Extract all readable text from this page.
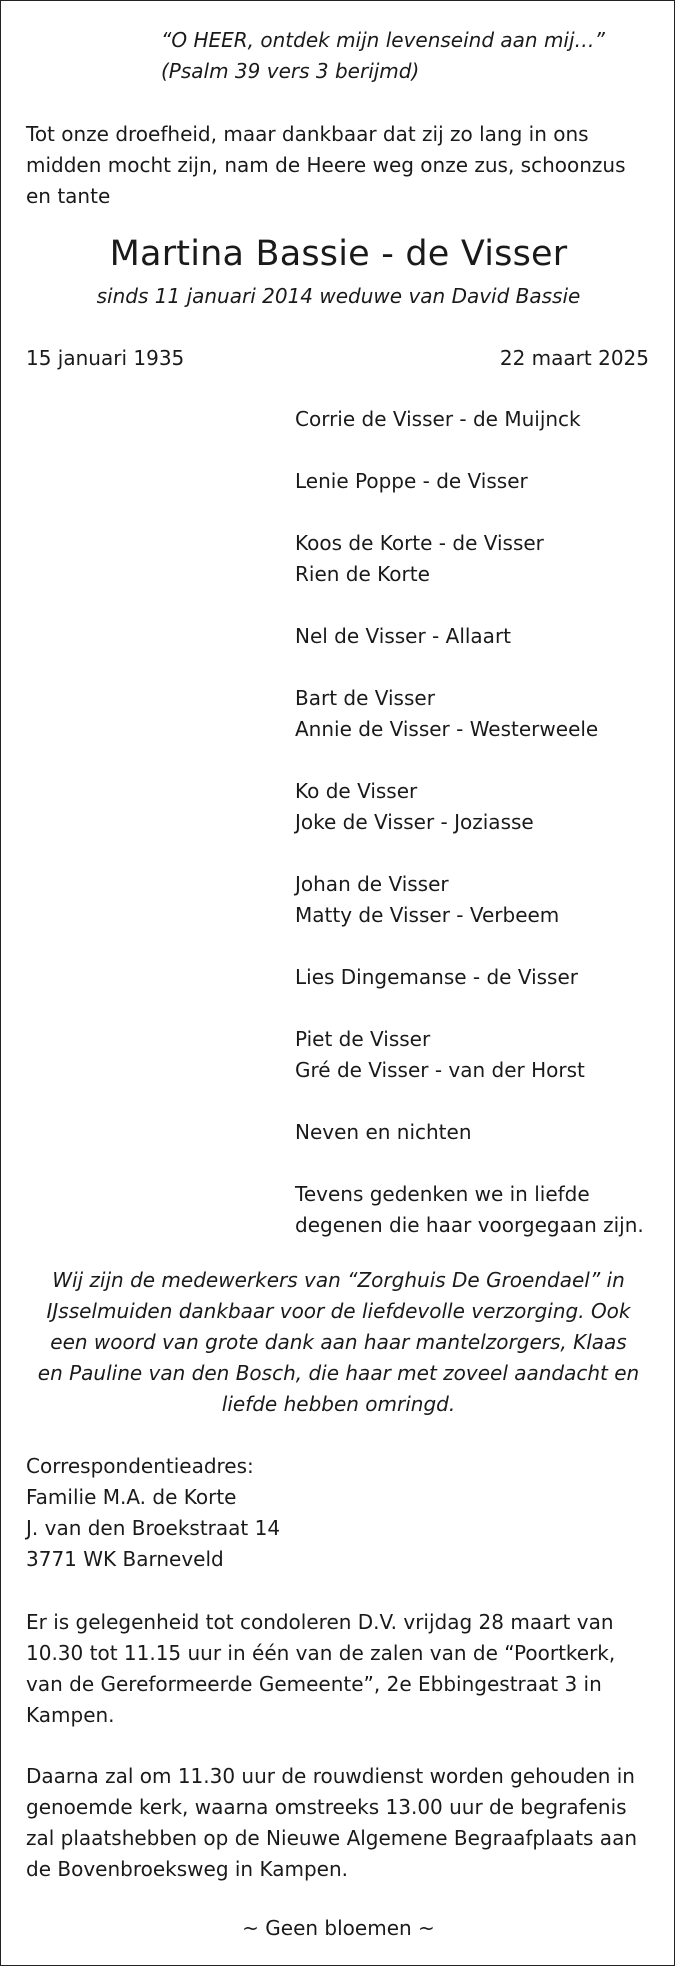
“O HEER, ontdek mijn levenseind aan mij…”
(Psalm 39 vers 3 berijmd)
Tot onze droefheid, maar dankbaar dat zij zo lang in ons
midden mocht zijn, nam de Heere weg onze zus, schoonzus
en tante
Martina Bassie - de Visser
sinds 11 januari 2014 weduwe van David Bassie
15 januari 1935	22 maart 2025
Corrie de Visser - de Muijnck
Lenie Poppe - de Visser
Koos de Korte - de Visser
Rien de Korte
Nel de Visser - Allaart
Bart de Visser
Annie de Visser - Westerweele
Ko de Visser
Joke de Visser - Joziasse
Johan de Visser
Matty de Visser - Verbeem
Lies Dingemanse - de Visser
Piet de Visser
Gré de Visser - van der Horst
Neven en nichten
Tevens gedenken we in liefde
degenen die haar voorgegaan zijn.
Wij zijn de medewerkers van “Zorghuis De Groendael” in
IJsselmuiden dankbaar voor de liefdevolle verzorging. Ook
een woord van grote dank aan haar mantelzorgers, Klaas
en Pauline van den Bosch, die haar met zoveel aandacht en
liefde hebben omringd.
Correspondentieadres:
Familie M.A. de Korte
J. van den Broekstraat 14
3771 WK Barneveld
Er is gelegenheid tot condoleren D.V. vrijdag 28 maart van
10.30 tot 11.15 uur in één van de zalen van de “Poortkerk,
van de Gereformeerde Gemeente”, 2e Ebbingestraat 3 in
Kampen.
Daarna zal om 11.30 uur de rouwdienst worden gehouden in
genoemde kerk, waarna omstreeks 13.00 uur de begrafenis
zal plaatshebben op de Nieuwe Algemene Begraafplaats aan
de Bovenbroeksweg in Kampen.
~ Geen bloemen ~
